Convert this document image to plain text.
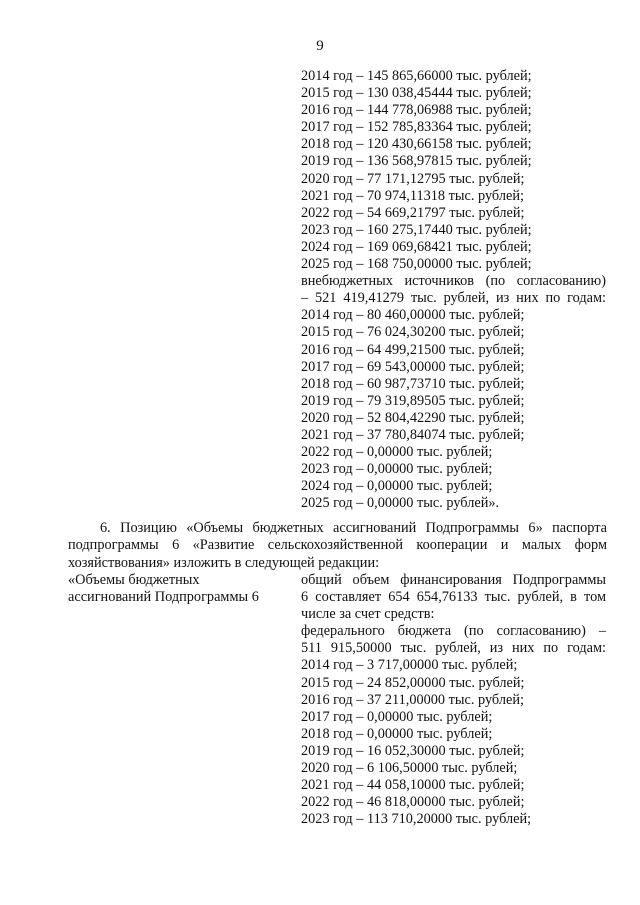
9
2014 год – 145 865,66000 тыс. рублей;
2015 год – 130 038,45444 тыс. рублей;
2016 год – 144 778,06988 тыс. рублей;
2017 год – 152 785,83364 тыс. рублей;
2018 год – 120 430,66158 тыс. рублей;
2019 год – 136 568,97815 тыс. рублей;
2020 год – 77 171,12795 тыс. рублей;
2021 год – 70 974,11318 тыс. рублей;
2022 год – 54 669,21797 тыс. рублей;
2023 год – 160 275,17440 тыс. рублей;
2024 год – 169 069,68421 тыс. рублей;
2025 год – 168 750,00000 тыс. рублей;
внебюджетных источников (по согласованию)
– 521 419,41279 тыс. рублей, из них по годам:
2014 год – 80 460,00000 тыс. рублей;
2015 год – 76 024,30200 тыс. рублей;
2016 год – 64 499,21500 тыс. рублей;
2017 год – 69 543,00000 тыс. рублей;
2018 год – 60 987,73710 тыс. рублей;
2019 год – 79 319,89505 тыс. рублей;
2020 год – 52 804,42290 тыс. рублей;
2021 год – 37 780,84074 тыс. рублей;
2022 год – 0,00000 тыс. рублей;
2023 год – 0,00000 тыс. рублей;
2024 год – 0,00000 тыс. рублей;
2025 год – 0,00000 тыс. рублей».
6. Позицию «Объемы бюджетных ассигнований Подпрограммы 6» паспорта
подпрограммы 6 «Развитие сельскохозяйственной кооперации и малых форм
хозяйствования» изложить в следующей редакции:
«Объемы бюджетных
ассигнований Подпрограммы 6
общий объем финансирования Подпрограммы
6 составляет 654 654,76133 тыс. рублей, в том
числе за счет средств:
федерального бюджета (по согласованию) –
511 915,50000 тыс. рублей, из них по годам:
2014 год – 3 717,00000 тыс. рублей;
2015 год – 24 852,00000 тыс. рублей;
2016 год – 37 211,00000 тыс. рублей;
2017 год – 0,00000 тыс. рублей;
2018 год – 0,00000 тыс. рублей;
2019 год – 16 052,30000 тыс. рублей;
2020 год – 6 106,50000 тыс. рублей;
2021 год – 44 058,10000 тыс. рублей;
2022 год – 46 818,00000 тыс. рублей;
2023 год – 113 710,20000 тыс. рублей;
